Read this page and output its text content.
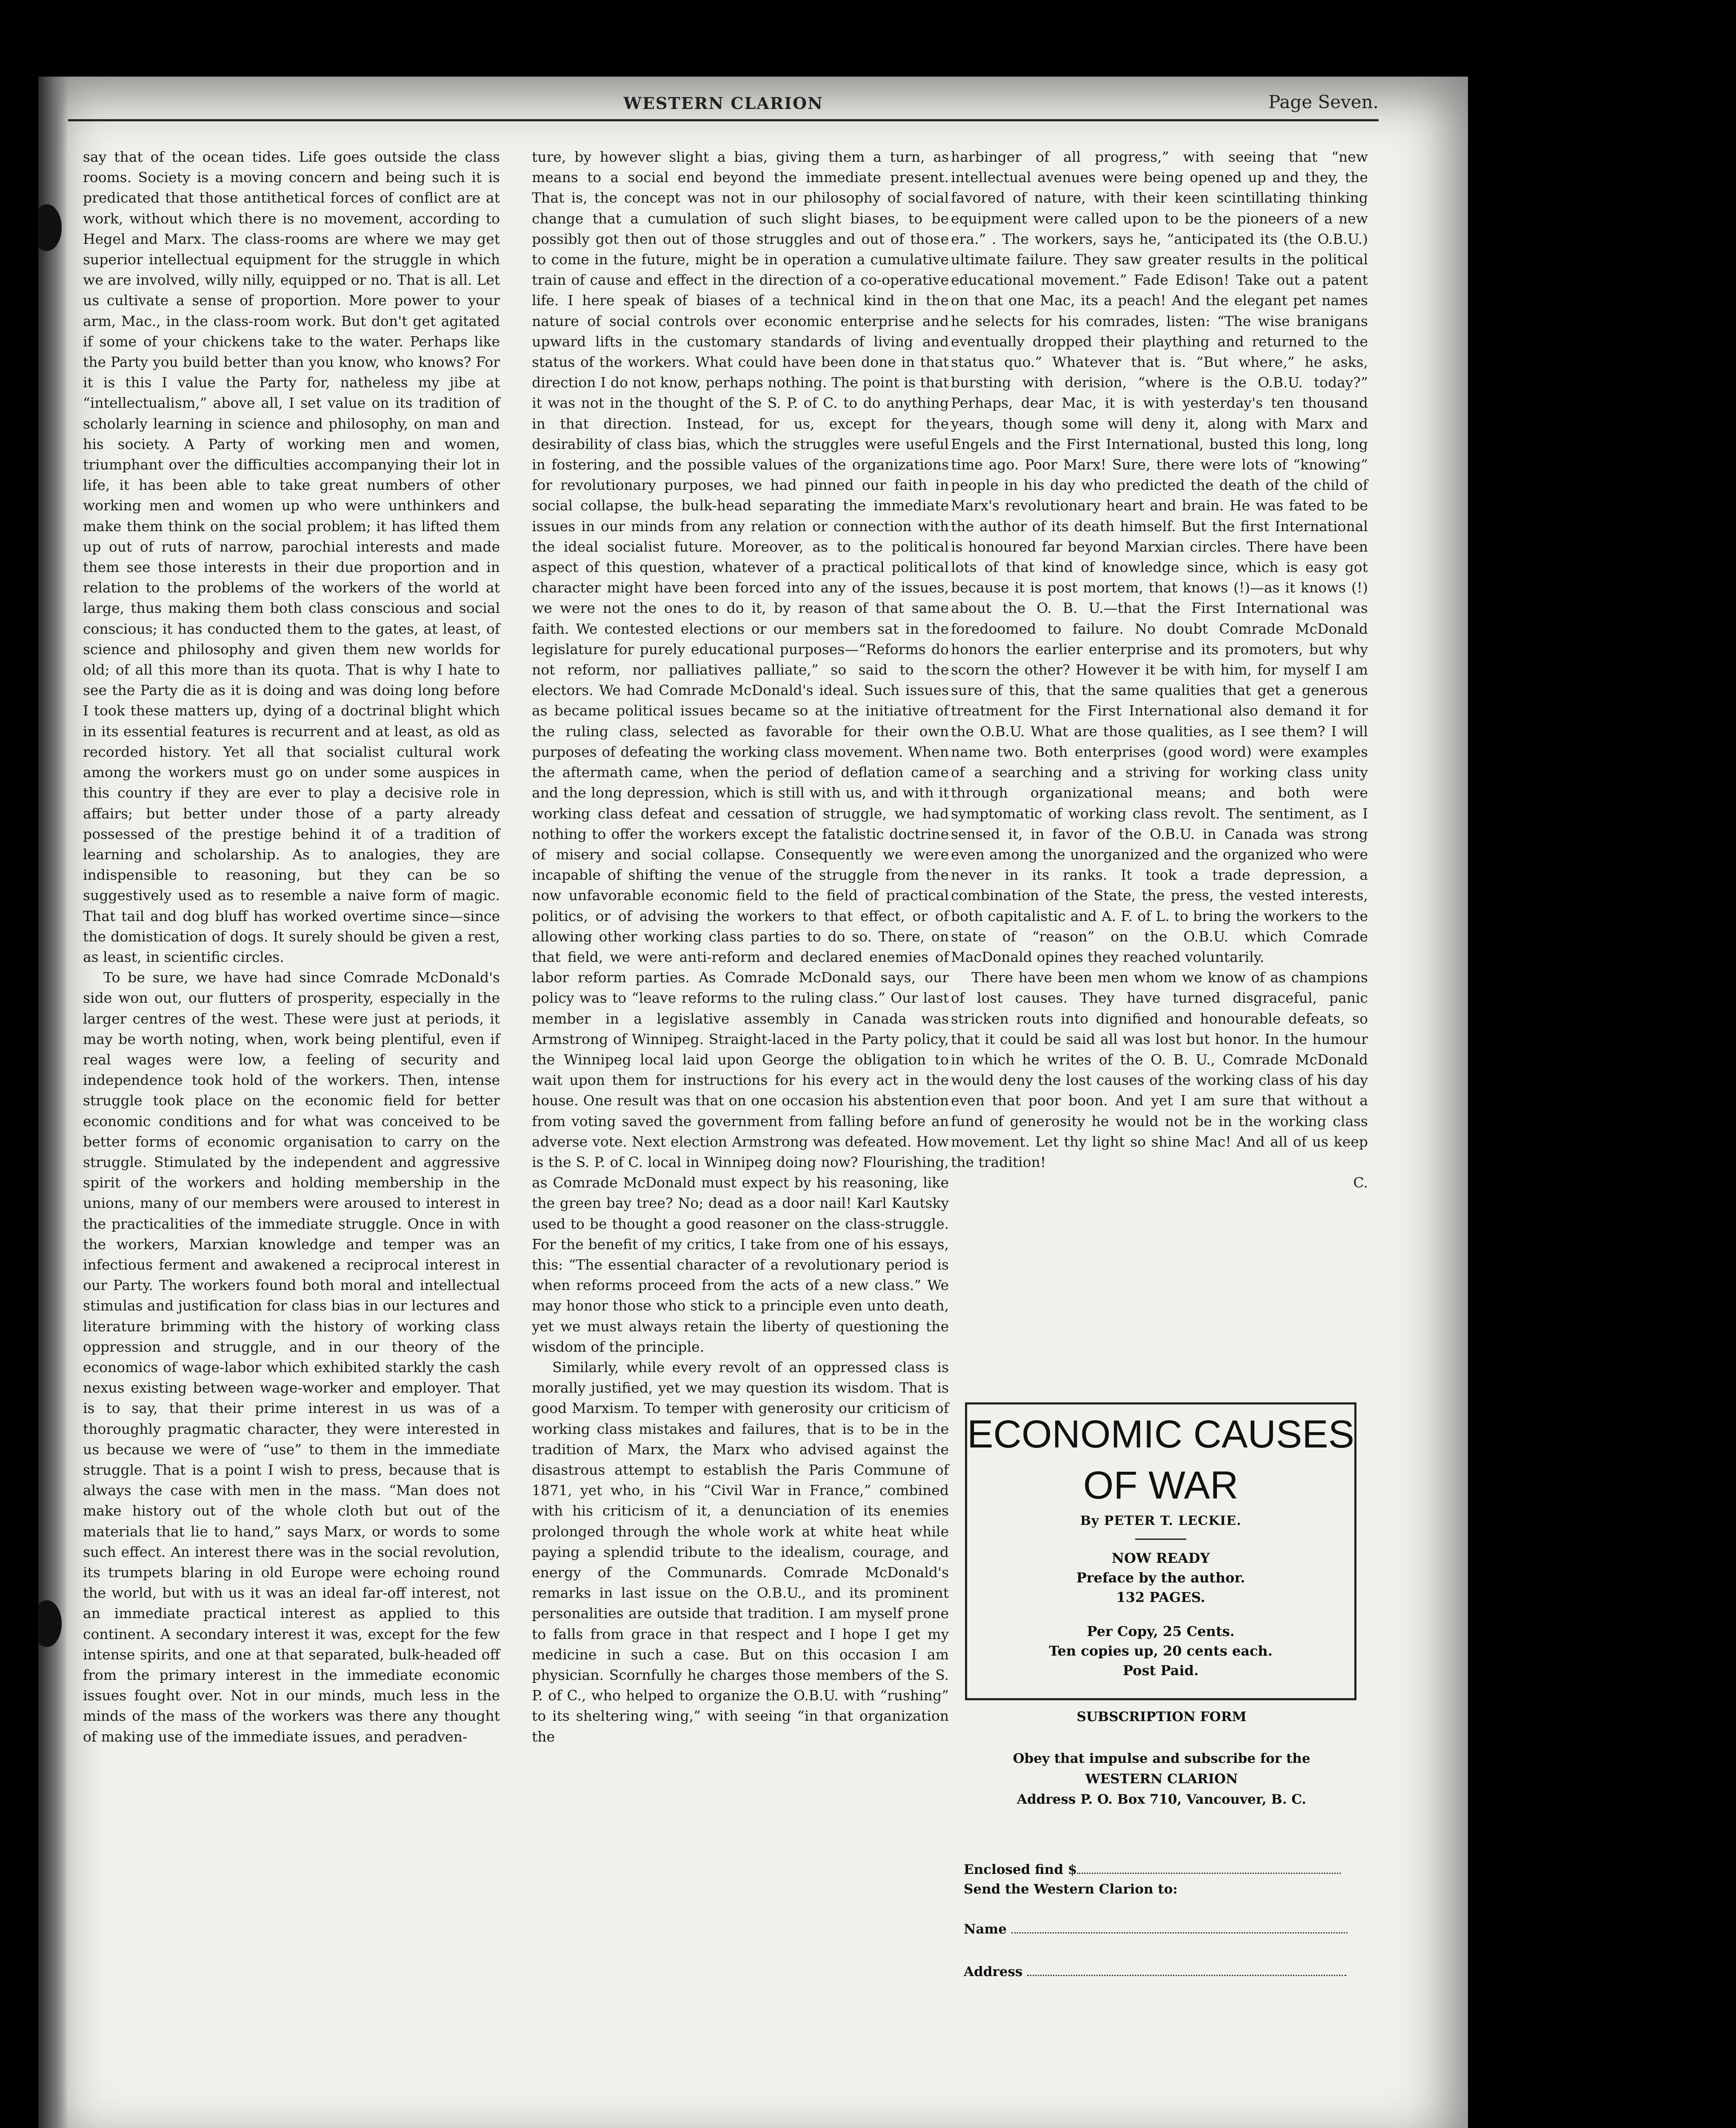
WESTERN CLARION	Page Seven.

say that of the ocean tides. Life goes outside the class rooms. Society is a moving concern and being such it is predicated that those antithetical forces of conflict are at work, without which there is no movement, according to Hegel and Marx. The class-rooms are where we may get superior intellectual equipment for the struggle in which we are involved, willy nilly, equipped or no. That is all. Let us cultivate a sense of proportion. More power to your arm, Mac., in the class-room work. But don't get agitated if some of your chickens take to the water. Perhaps like the Party you build better than you know, who knows? For it is this I value the Party for, natheless my jibe at “intellectualism,” above all, I set value on its tradition of scholarly learning in science and philosophy, on man and his society. A Party of working men and women, triumphant over the difficulties accompanying their lot in life, it has been able to take great numbers of other working men and women up who were unthinkers and make them think on the social problem; it has lifted them up out of ruts of narrow, parochial interests and made them see those interests in their due proportion and in relation to the problems of the workers of the world at large, thus making them both class conscious and social conscious; it has conducted them to the gates, at least, of science and philosophy and given them new worlds for old; of all this more than its quota. That is why I hate to see the Party die as it is doing and was doing long before I took these matters up, dying of a doctrinal blight which in its essential features is recurrent and at least, as old as recorded history. Yet all that socialist cultural work among the workers must go on under some auspices in this country if they are ever to play a decisive role in affairs; but better under those of a party already possessed of the prestige behind it of a tradition of learning and scholarship. As to analogies, they are indispensible to reasoning, but they can be so suggestively used as to resemble a naive form of magic. That tail and dog bluff has worked overtime since—since the domistication of dogs. It surely should be given a rest, as least, in scientific circles.

To be sure, we have had since Comrade McDonald's side won out, our flutters of prosperity, especially in the larger centres of the west. These were just at periods, it may be worth noting, when, work being plentiful, even if real wages were low, a feeling of security and independence took hold of the workers. Then, intense struggle took place on the economic field for better economic conditions and for what was conceived to be better forms of economic organisation to carry on the struggle. Stimulated by the independent and aggressive spirit of the workers and holding membership in the unions, many of our members were aroused to interest in the practicalities of the immediate struggle. Once in with the workers, Marxian knowledge and temper was an infectious ferment and awakened a reciprocal interest in our Party. The workers found both moral and intellectual stimulas and justification for class bias in our lectures and literature brimming with the history of working class oppression and struggle, and in our theory of the economics of wage-labor which exhibited starkly the cash nexus existing between wage-worker and employer. That is to say, that their prime interest in us was of a thoroughly pragmatic character, they were interested in us because we were of “use” to them in the immediate struggle. That is a point I wish to press, because that is always the case with men in the mass. “Man does not make history out of the whole cloth but out of the materials that lie to hand,” says Marx, or words to some such effect. An interest there was in the social revolution, its trumpets blaring in old Europe were echoing round the world, but with us it was an ideal far-off interest, not an immediate practical interest as applied to this continent. A secondary interest it was, except for the few intense spirits, and one at that separated, bulk-headed off from the primary interest in the immediate economic issues fought over. Not in our minds, much less in the minds of the mass of the workers was there any thought of making use of the immediate issues, and peradven-

ture, by however slight a bias, giving them a turn, as means to a social end beyond the immediate present. That is, the concept was not in our philosophy of social change that a cumulation of such slight biases, to be possibly got then out of those struggles and out of those to come in the future, might be in operation a cumulative train of cause and effect in the direction of a co-operative life. I here speak of biases of a technical kind in the nature of social controls over economic enterprise and upward lifts in the customary standards of living and status of the workers. What could have been done in that direction I do not know, perhaps nothing. The point is that it was not in the thought of the S. P. of C. to do anything in that direction. Instead, for us, except for the desirability of class bias, which the struggles were useful in fostering, and the possible values of the organizations for revolutionary purposes, we had pinned our faith in social collapse, the bulk-head separating the immediate issues in our minds from any relation or connection with the ideal socialist future. Moreover, as to the political aspect of this question, whatever of a practical political character might have been forced into any of the issues, we were not the ones to do it, by reason of that same faith. We contested elections or our members sat in the legislature for purely educational purposes—“Reforms do not reform, nor palliatives palliate,” so said to the electors. We had Comrade McDonald's ideal. Such issues as became political issues became so at the initiative of the ruling class, selected as favorable for their own purposes of defeating the working class movement. When the aftermath came, when the period of deflation came and the long depression, which is still with us, and with it working class defeat and cessation of struggle, we had nothing to offer the workers except the fatalistic doctrine of misery and social collapse. Consequently we were incapable of shifting the venue of the struggle from the now unfavorable economic field to the field of practical politics, or of advising the workers to that effect, or of allowing other working class parties to do so. There, on that field, we were anti-reform and declared enemies of labor reform parties. As Comrade McDonald says, our policy was to “leave reforms to the ruling class.” Our last member in a legislative assembly in Canada was Armstrong of Winnipeg. Straight-laced in the Party policy, the Winnipeg local laid upon George the obligation to wait upon them for instructions for his every act in the house. One result was that on one occasion his abstention from voting saved the government from falling before an adverse vote. Next election Armstrong was defeated. How is the S. P. of C. local in Winnipeg doing now? Flourishing, as Comrade McDonald must expect by his reasoning, like the green bay tree? No; dead as a door nail! Karl Kautsky used to be thought a good reasoner on the class-struggle. For the benefit of my critics, I take from one of his essays, this: “The essential character of a revolutionary period is when reforms proceed from the acts of a new class.” We may honor those who stick to a principle even unto death, yet we must always retain the liberty of questioning the wisdom of the principle.

Similarly, while every revolt of an oppressed class is morally justified, yet we may question its wisdom. That is good Marxism. To temper with generosity our criticism of working class mistakes and failures, that is to be in the tradition of Marx, the Marx who advised against the disastrous attempt to establish the Paris Commune of 1871, yet who, in his “Civil War in France,” combined with his criticism of it, a denunciation of its enemies prolonged through the whole work at white heat while paying a splendid tribute to the idealism, courage, and energy of the Communards. Comrade McDonald's remarks in last issue on the O.B.U., and its prominent personalities are outside that tradition. I am myself prone to falls from grace in that respect and I hope I get my medicine in such a case. But on this occasion I am physician. Scornfully he charges those members of the S. P. of C., who helped to organize the O.B.U. with “rushing” to its sheltering wing,” with seeing “in that organization the

harbinger of all progress,” with seeing that “new intellectual avenues were being opened up and they, the favored of nature, with their keen scintillating thinking equipment were called upon to be the pioneers of a new era.” . The workers, says he, “anticipated its (the O.B.U.) ultimate failure. They saw greater results in the political educational movement.” Fade Edison! Take out a patent on that one Mac, its a peach! And the elegant pet names he selects for his comrades, listen: “The wise branigans eventually dropped their plaything and returned to the status quo.” Whatever that is. “But where,” he asks, bursting with derision, “where is the O.B.U. today?” Perhaps, dear Mac, it is with yesterday's ten thousand years, though some will deny it, along with Marx and Engels and the First International, busted this long, long time ago. Poor Marx! Sure, there were lots of “knowing” people in his day who predicted the death of the child of Marx's revolutionary heart and brain. He was fated to be the author of its death himself. But the first International is honoured far beyond Marxian circles. There have been lots of that kind of knowledge since, which is easy got because it is post mortem, that knows (!)—as it knows (!) about the O. B. U.—that the First International was foredoomed to failure. No doubt Comrade McDonald honors the earlier enterprise and its promoters, but why scorn the other? However it be with him, for myself I am sure of this, that the same qualities that get a generous treatment for the First International also demand it for the O.B.U. What are those qualities, as I see them? I will name two. Both enterprises (good word) were examples of a searching and a striving for working class unity through organizational means; and both were symptomatic of working class revolt. The sentiment, as I sensed it, in favor of the O.B.U. in Canada was strong even among the unorganized and the organized who were never in its ranks. It took a trade depression, a combination of the State, the press, the vested interests, both capitalistic and A. F. of L. to bring the workers to the state of “reason” on the O.B.U. which Comrade MacDonald opines they reached voluntarily.

There have been men whom we know of as champions of lost causes. They have turned disgraceful, panic stricken routs into dignified and honourable defeats, so that it could be said all was lost but honor. In the humour in which he writes of the O. B. U., Comrade McDonald would deny the lost causes of the working class of his day even that poor boon. And yet I am sure that without a fund of generosity he would not be in the working class movement. Let thy light so shine Mac! And all of us keep the tradition!

C.
ECONOMIC CAUSES
OF WAR
By PETER T. LECKIE.
NOW READY
Preface by the author.
132 PAGES.
Per Copy, 25 Cents.
Ten copies up, 20 cents each.
Post Paid.
SUBSCRIPTION FORM
Obey that impulse and subscribe for the
WESTERN CLARION
Address P. O. Box 710, Vancouver, B. C.
Enclosed find $
Send the Western Clarion to:
Name
Address
